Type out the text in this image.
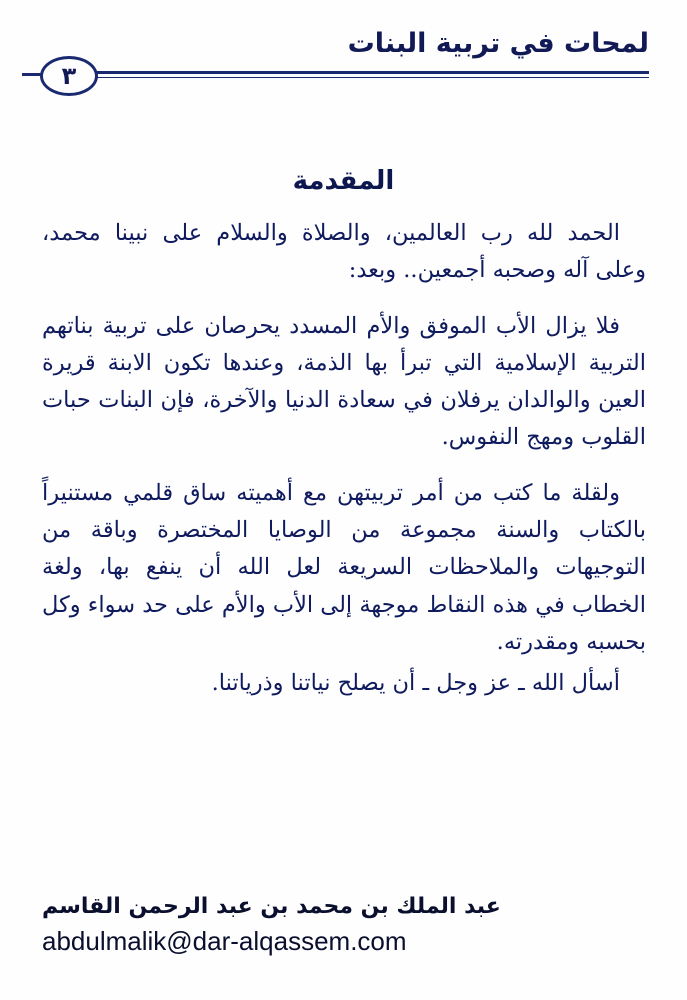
لمحات في تربية البنات
٣
المقدمة

الحمد لله رب العالمين، والصلاة والسلام على نبينا محمد، وعلى آله وصحبه أجمعين.. وبعد:

فلا يزال الأب الموفق والأم المسدد يحرصان على تربية بناتهم التربية الإسلامية التي تبرأ بها الذمة، وعندها تكون الابنة قريرة العين والوالدان يرفلان في سعادة الدنيا والآخرة، فإن البنات حبات القلوب ومهج النفوس.

ولقلة ما كتب من أمر تربيتهن مع أهميته ساق قلمي مستنيراً بالكتاب والسنة مجموعة من الوصايا المختصرة وباقة من التوجيهات والملاحظات السريعة لعل الله أن ينفع بها، ولغة الخطاب في هذه النقاط موجهة إلى الأب والأم على حد سواء وكل بحسبه ومقدرته.

أسأل الله ـ عز وجل ـ أن يصلح نياتنا وذرياتنا.

عبد الملك بن محمد بن عبد الرحمن القاسم
abdulmalik@dar-alqassem.com
